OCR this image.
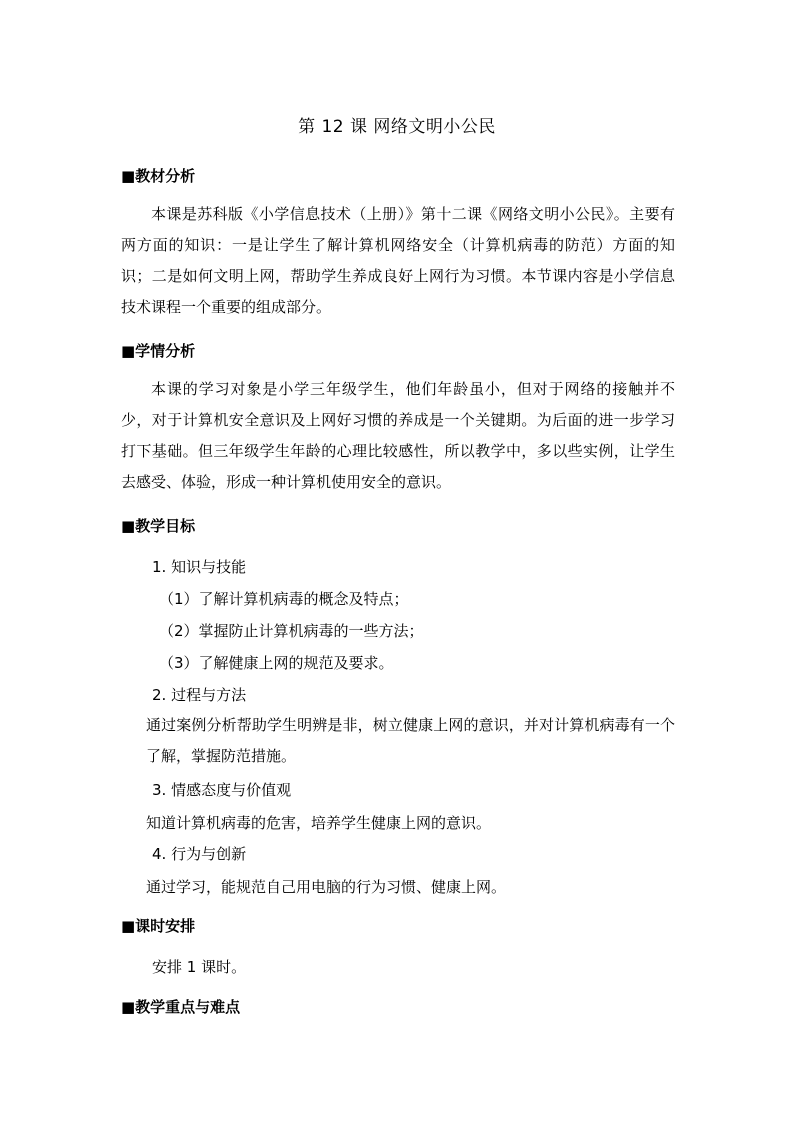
第 12 课 网络文明小公民
■教材分析

本课是苏科版《小学信息技术（上册）》第十二课《网络文明小公民》。主要有两方面的知识：一是让学生了解计算机网络安全（计算机病毒的防范）方面的知识；二是如何文明上网，帮助学生养成良好上网行为习惯。本节课内容是小学信息技术课程一个重要的组成部分。

■学情分析

本课的学习对象是小学三年级学生，他们年龄虽小，但对于网络的接触并不少，对于计算机安全意识及上网好习惯的养成是一个关键期。为后面的进一步学习打下基础。但三年级学生年龄的心理比较感性，所以教学中，多以些实例，让学生去感受、体验，形成一种计算机使用安全的意识。

■教学目标
1. 知识与技能
（1）了解计算机病毒的概念及特点；
（2）掌握防止计算机病毒的一些方法；
（3）了解健康上网的规范及要求。
2. 过程与方法

通过案例分析帮助学生明辨是非，树立健康上网的意识，并对计算机病毒有一个了解，掌握防范措施。

3. 情感态度与价值观
知道计算机病毒的危害，培养学生健康上网的意识。
4. 行为与创新
通过学习，能规范自己用电脑的行为习惯、健康上网。
■课时安排
安排 1 课时。
■教学重点与难点
